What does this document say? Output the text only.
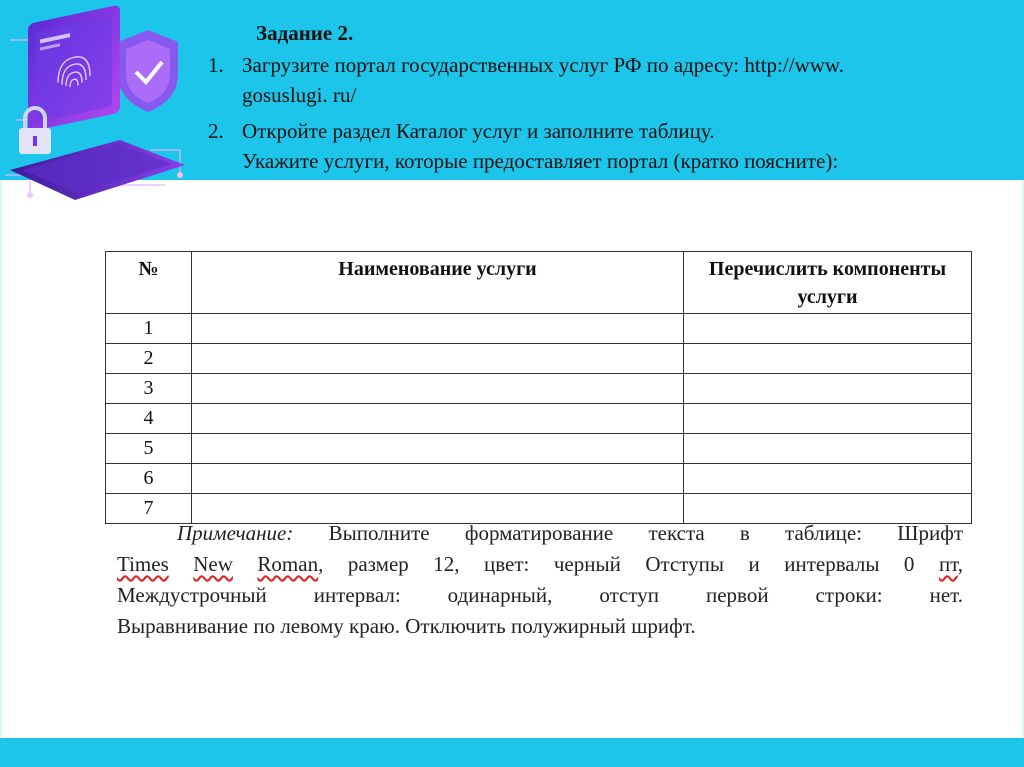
Задание 2.
1. Загрузите портал государственных услуг РФ по адресу: http://www.
gosuslugi. ru/
2. Откройте раздел Каталог услуг и заполните таблицу.
Укажите услуги, которые предоставляет портал (кратко поясните):
№	Наименование услуги	Перечислить компоненты услуги
1		
2		
3		
4		
5		
6		
7		
Примечание: Выполните форматирование текста в таблице: Шрифт
Times New Roman, размер 12, цвет: черный Отступы и интервалы 0 пт,
Междустрочный интервал: одинарный, отступ первой строки: нет.
Выравнивание по левому краю. Отключить полужирный шрифт.
